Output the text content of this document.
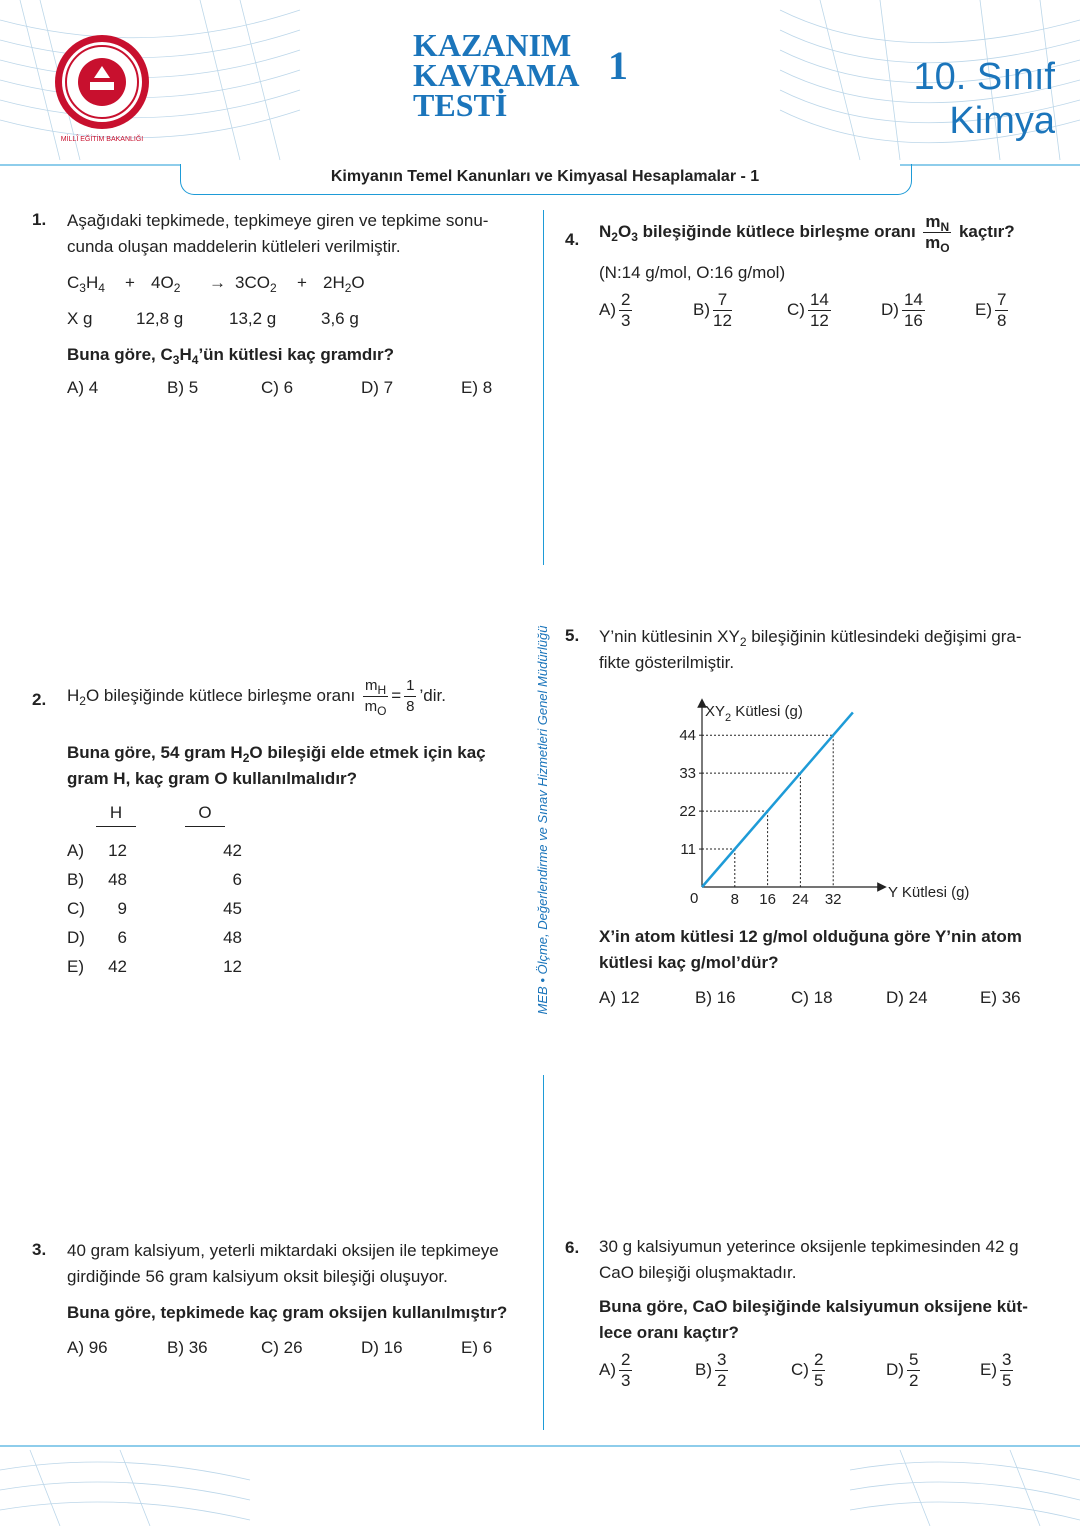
MİLLÎ EĞİTİM BAKANLIĞI
KAZANIM
KAVRAMA
TESTİ
1	10. Sınıf
Kimya
Kimyanın Temel Kanunları ve Kimyasal Hesaplamalar - 1
MEB • Ölçme, Değerlendirme ve Sınav Hizmetleri Genel Müdürlüğü
1. Aşağıdaki tepkimede, tepkimeye giren ve tepkime sonu-
cunda oluşan maddelerin kütleleri verilmiştir.
$C_3H_4 + 4O_2 \to 3CO_2 + 2H_2O$
X g	12,8 g	13,2 g	3,6 g
Buna göre, $C_3H_4’ün$ kütlesi kaç gramdır?
A) 4	B) 5	C) 6	D) 7	E) 8
2. $H_2O$ bileşiğinde kütlece birleşme oranı $\frac{m_H}{m_O} = \frac{1}{8}$ ’dir.
Buna göre, 54 gram $H_2O$ bileşiği elde etmek için kaç
gram H, kaç gram O kullanılmalıdır?
H	O
A) 12	42
B) 48	6
C) 9	45
D) 6	48
E) 42	12
3. 40 gram kalsiyum, yeterli miktardaki oksijen ile tepkimeye
girdiğinde 56 gram kalsiyum oksit bileşiği oluşuyor.
Buna göre, tepkimede kaç gram oksijen kullanılmıştır?
A) 96	B) 36	C) 26	D) 16	E) 6
4. $N_2O_3$ bileşiğinde kütlece birleşme oranı $\frac{m_N}{m_O}$ kaçtır?
(N:14 g/mol, O:16 g/mol)
$A) \frac{2}{3}$	$B) \frac{7}{12}$	$C) \frac{14}{12}$	$D) \frac{14}{16}$	$E) \frac{7}{8}$
5. Y’nin kütlesinin $XY_2$ bileşiğinin kütlesindeki değişimi gra-
fikte gösterilmiştir.
$XY_2$ Kütlesi (g)
Y Kütlesi (g)
0 8 16 24 32
11
22
33
44
X’in atom kütlesi 12 g/mol olduğuna göre Y’nin atom
kütlesi kaç g/mol’dür?
A) 12	B) 16	C) 18	D) 24	E) 36
6. 30 g kalsiyumun yeterince oksijenle tepkimesinden 42 g
CaO bileşiği oluşmaktadır.
Buna göre, CaO bileşiğinde kalsiyumun oksijene küt-
lece oranı kaçtır?
$A) \frac{2}{3}$	$B) \frac{3}{2}$	$C) \frac{2}{5}$	$D) \frac{5}{2}$	$E) \frac{3}{5}$
